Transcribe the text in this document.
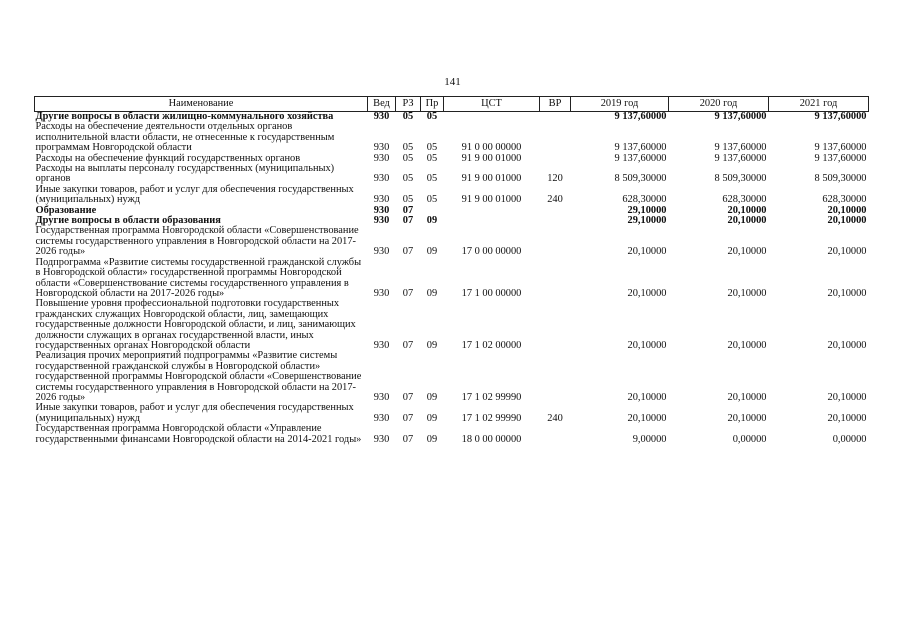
141
Наименование	Вед	РЗ	Пр	ЦСТ	ВР	2019 год	2020 год	2021 год
Другие вопросы в области жилищно-коммунального хозяйства	930	05	05			9 137,60000	9 137,60000	9 137,60000
Расходы на обеспечение деятельности отдельных органов исполнительной власти области, не отнесенные к государственным программам Новгородской области	930	05	05	91 0 00 00000		9 137,60000	9 137,60000	9 137,60000
Расходы на обеспечение функций государственных органов	930	05	05	91 9 00 01000		9 137,60000	9 137,60000	9 137,60000
Расходы на выплаты персоналу государственных (муниципальных) органов	930	05	05	91 9 00 01000	120	8 509,30000	8 509,30000	8 509,30000
Иные закупки товаров, работ и услуг для обеспечения государственных (муниципальных) нужд	930	05	05	91 9 00 01000	240	628,30000	628,30000	628,30000
Образование	930	07				29,10000	20,10000	20,10000
Другие вопросы в области образования	930	07	09			29,10000	20,10000	20,10000
Государственная программа Новгородской области «Совершенствование системы государственного управления в Новгородской области на 2017-2026 годы»	930	07	09	17 0 00 00000		20,10000	20,10000	20,10000
Подпрограмма «Развитие системы государственной гражданской службы в Новгородской области» государственной программы Новгородской области «Совершенствование системы государственного управления в Новгородской области на 2017-2026 годы»	930	07	09	17 1 00 00000		20,10000	20,10000	20,10000
Повышение уровня профессиональной подготовки государственных гражданских служащих Новгородской области, лиц, замещающих государственные должности Новгородской области, и лиц, занимающих должности служащих в органах государственной власти, иных государственных органах Новгородской области	930	07	09	17 1 02 00000		20,10000	20,10000	20,10000
Реализация прочих мероприятий подпрограммы «Развитие системы государственной гражданской службы в Новгородской области» государственной программы Новгородской области «Совершенствование системы государственного управления в Новгородской области на 2017-2026 годы»	930	07	09	17 1 02 99990		20,10000	20,10000	20,10000
Иные закупки товаров, работ и услуг для обеспечения государственных (муниципальных) нужд	930	07	09	17 1 02 99990	240	20,10000	20,10000	20,10000
Государственная программа Новгородской области «Управление государственными финансами Новгородской области на 2014-2021 годы»	930	07	09	18 0 00 00000		9,00000	0,00000	0,00000
